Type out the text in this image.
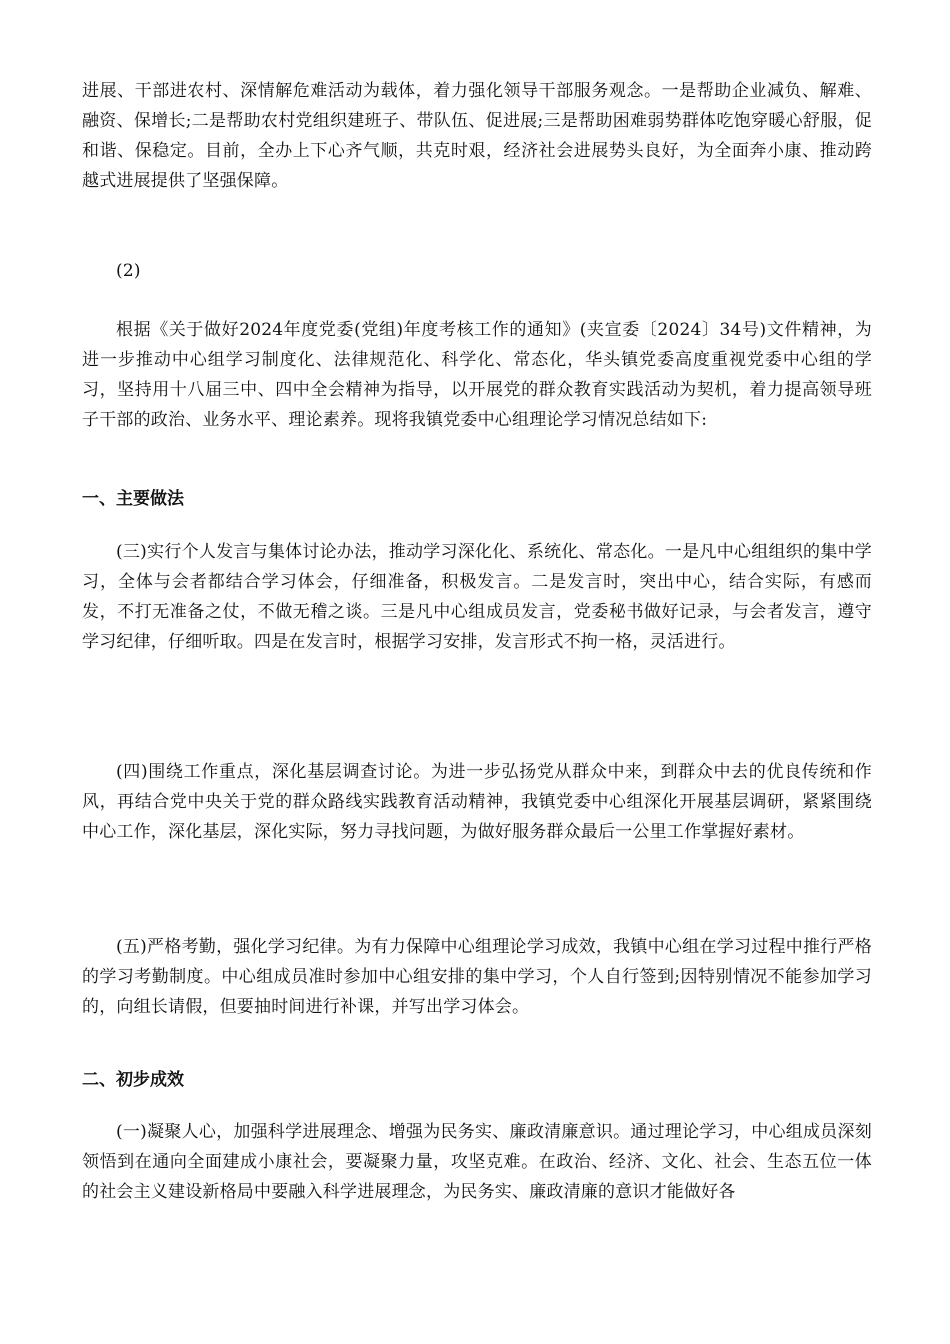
进展、干部进农村、深情解危难活动为载体，着力强化领导干部服务观念。一是帮助企业减负、解难、融资、保增长;二是帮助农村党组织建班子、带队伍、促进展;三是帮助困难弱势群体吃饱穿暖心舒服，促和谐、保稳定。目前，全办上下心齐气顺，共克时艰，经济社会进展势头良好，为全面奔小康、推动跨越式进展提供了坚强保障。

(2)

根据《关于做好2024年度党委(党组)年度考核工作的通知》(夹宣委〔2024〕34号)文件精神，为进一步推动中心组学习制度化、法律规范化、科学化、常态化，华头镇党委高度重视党委中心组的学习，坚持用十八届三中、四中全会精神为指导，以开展党的群众教育实践活动为契机，着力提高领导班子干部的政治、业务水平、理论素养。现将我镇党委中心组理论学习情况总结如下:

一、主要做法

(三)实行个人发言与集体讨论办法，推动学习深化化、系统化、常态化。一是凡中心组组织的集中学习，全体与会者都结合学习体会，仔细准备，积极发言。二是发言时，突出中心，结合实际，有感而发，不打无准备之仗，不做无稽之谈。三是凡中心组成员发言，党委秘书做好记录，与会者发言，遵守学习纪律，仔细听取。四是在发言时，根据学习安排，发言形式不拘一格，灵活进行。

(四)围绕工作重点，深化基层调查讨论。为进一步弘扬党从群众中来，到群众中去的优良传统和作风，再结合党中央关于党的群众路线实践教育活动精神，我镇党委中心组深化开展基层调研，紧紧围绕中心工作，深化基层，深化实际，努力寻找问题，为做好服务群众最后一公里工作掌握好素材。

(五)严格考勤，强化学习纪律。为有力保障中心组理论学习成效，我镇中心组在学习过程中推行严格的学习考勤制度。中心组成员准时参加中心组安排的集中学习，个人自行签到;因特别情况不能参加学习的，向组长请假，但要抽时间进行补课，并写出学习体会。

二、初步成效

(一)凝聚人心，加强科学进展理念、增强为民务实、廉政清廉意识。通过理论学习，中心组成员深刻领悟到在通向全面建成小康社会，要凝聚力量，攻坚克难。在政治、经济、文化、社会、生态五位一体的社会主义建设新格局中要融入科学进展理念，为民务实、廉政清廉的意识才能做好各
